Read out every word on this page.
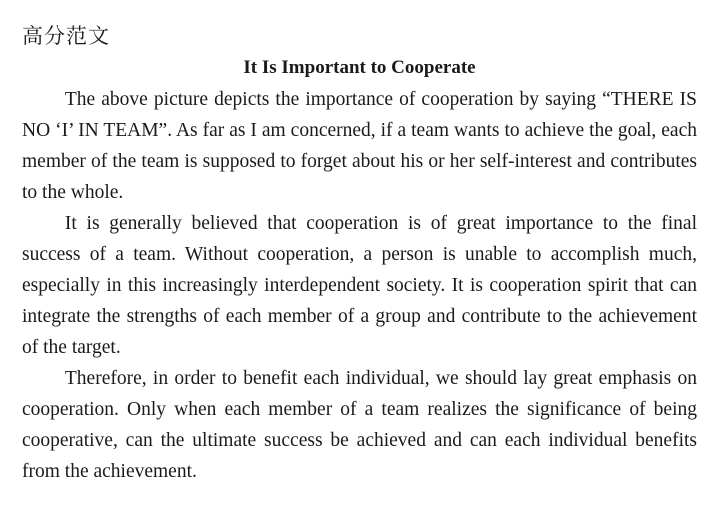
高分范文
It Is Important to Cooperate

The above picture depicts the importance of cooperation by saying “THERE IS NO ‘I’ IN TEAM”. As far as I am concerned, if a team wants to achieve the goal, each member of the team is supposed to forget about his or her self-interest and contributes to the whole.

It is generally believed that cooperation is of great importance to the final success of a team. Without cooperation, a person is unable to accomplish much, especially in this increasingly interdependent society. It is cooperation spirit that can integrate the strengths of each member of a group and contribute to the achievement of the target.

Therefore, in order to benefit each individual, we should lay great emphasis on cooperation. Only when each member of a team realizes the significance of being cooperative, can the ultimate success be achieved and can each individual benefits from the achievement.
